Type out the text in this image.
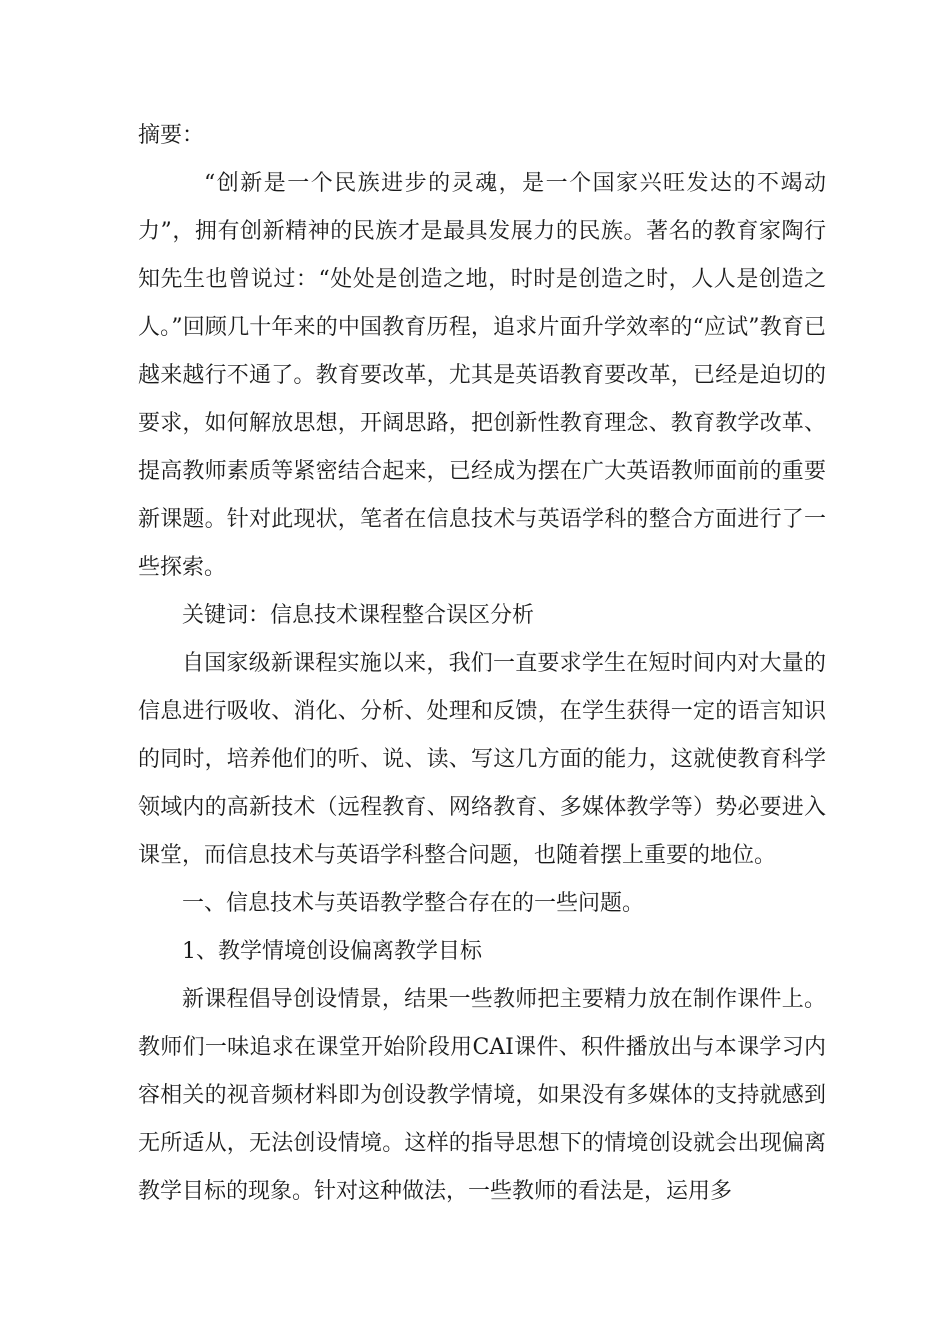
摘要：

“创新是一个民族进步的灵魂，是一个国家兴旺发达的不竭动力”，拥有创新精神的民族才是最具发展力的民族。著名的教育家陶行知先生也曾说过：“处处是创造之地，时时是创造之时，人人是创造之人。”回顾几十年来的中国教育历程，追求片面升学效率的“应试”教育已越来越行不通了。教育要改革，尤其是英语教育要改革，已经是迫切的要求，如何解放思想，开阔思路，把创新性教育理念、教育教学改革、提高教师素质等紧密结合起来，已经成为摆在广大英语教师面前的重要新课题。针对此现状，笔者在信息技术与英语学科的整合方面进行了一些探索。

关键词：信息技术课程整合误区分析

自国家级新课程实施以来，我们一直要求学生在短时间内对大量的信息进行吸收、消化、分析、处理和反馈，在学生获得一定的语言知识的同时，培养他们的听、说、读、写这几方面的能力，这就使教育科学领域内的高新技术（远程教育、网络教育、多媒体教学等）势必要进入课堂，而信息技术与英语学科整合问题，也随着摆上重要的地位。

一、信息技术与英语教学整合存在的一些问题。

1、教学情境创设偏离教学目标

新课程倡导创设情景，结果一些教师把主要精力放在制作课件上。教师们一味追求在课堂开始阶段用CAI课件、积件播放出与本课学习内容相关的视音频材料即为创设教学情境，如果没有多媒体的支持就感到无所适从，无法创设情境。这样的指导思想下的情境创设就会出现偏离教学目标的现象。针对这种做法，一些教师的看法是，运用多
